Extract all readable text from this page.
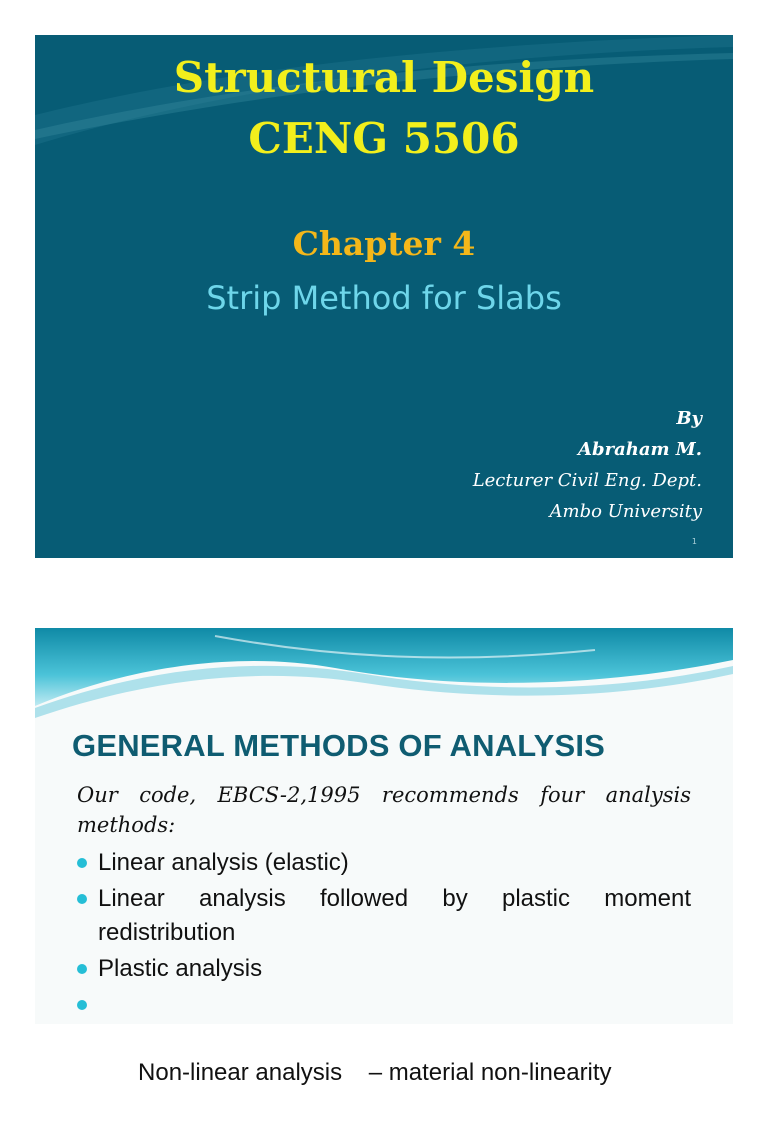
Structural Design
CENG 5506
Chapter 4
Strip Method for Slabs
By
Abraham M.
Lecturer Civil Eng. Dept.
Ambo University
1
GENERAL METHODS OF ANALYSIS
Our code, EBCS-2,1995 recommends four analysis methods:
Linear analysis (elastic)
Linear analysis followed by plastic moment redistribution
Plastic analysis

Non-linear analysis    – material non-linearity
